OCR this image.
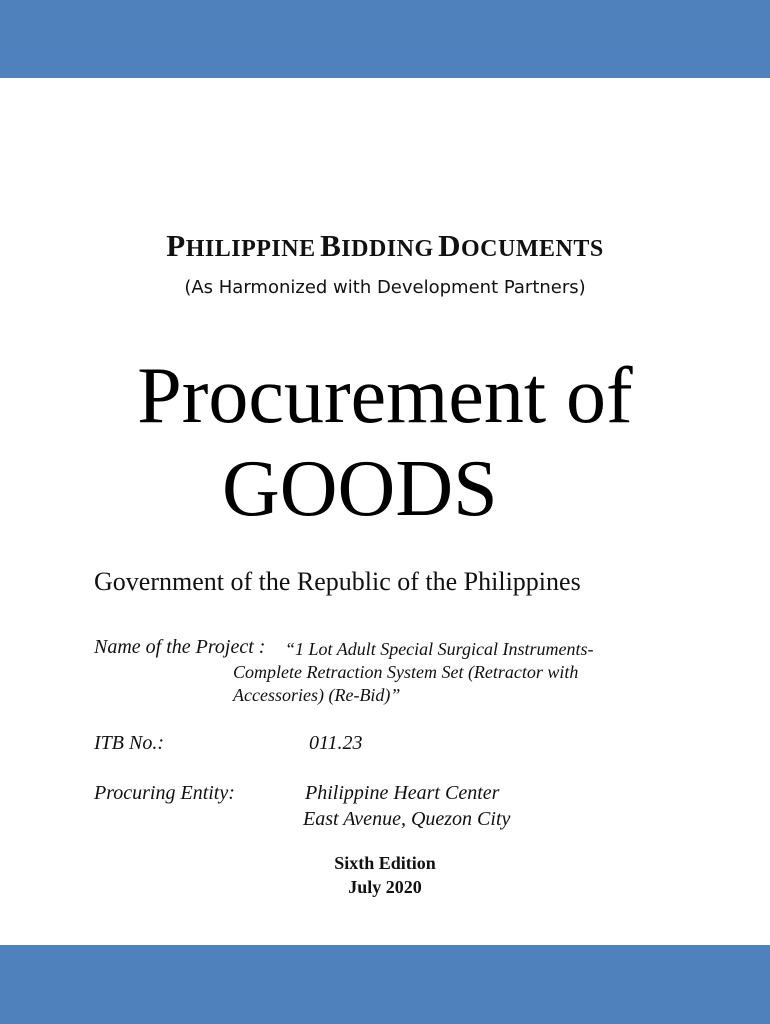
PHILIPPINE BIDDING DOCUMENTS
(As Harmonized with Development Partners)
Procurement of
GOODS
Government of the Republic of the Philippines
Name of the Project : “1 Lot Adult Special Surgical Instruments-
Complete Retraction System Set (Retractor with
Accessories) (Re-Bid)”
ITB No.:	011.23
Procuring Entity:	Philippine Heart Center
East Avenue, Quezon City
Sixth Edition
July 2020
